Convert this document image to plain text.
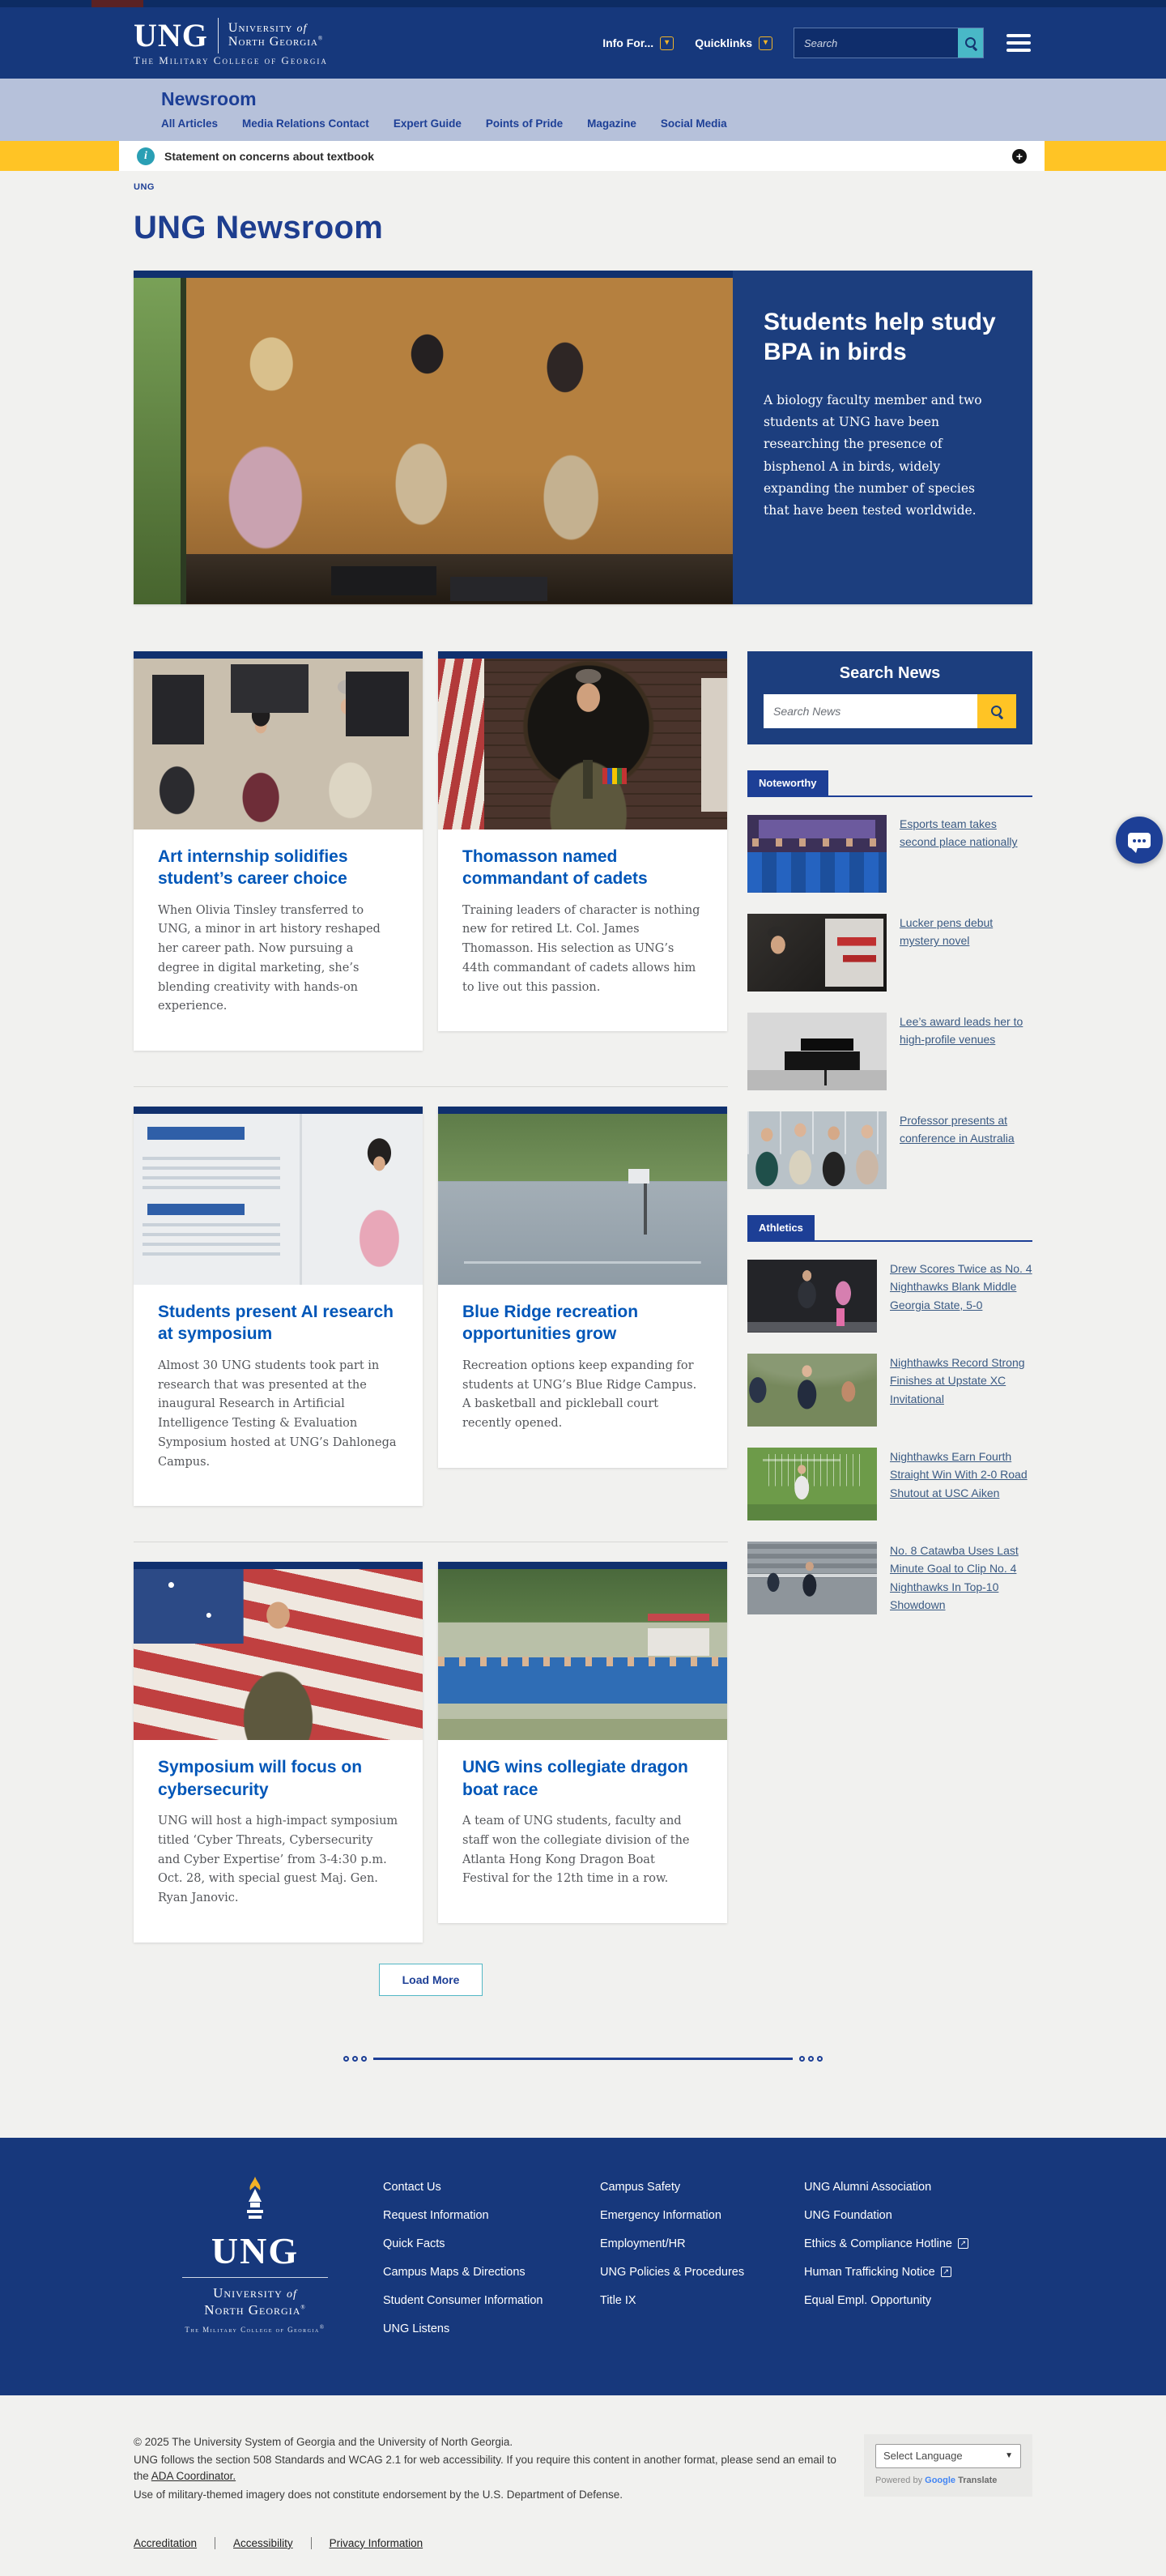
UNG University of
North Georgia®
The Military College of Georgia
Info For... ▾ Quicklinks ▾
Search
Newsroom
All Articles Media Relations Contact Expert Guide Points of Pride Magazine Social Media
i Statement on concerns about textbook	+
UNG
UNG Newsroom
Students help study BPA in birds

A biology faculty member and two students at UNG have been researching the presence of bisphenol A in birds, widely expanding the number of species that have been tested worldwide.

Art internship solidifies student’s career choice

When Olivia Tinsley transferred to UNG, a minor in art history reshaped her career path. Now pursuing a degree in digital marketing, she’s blending creativity with hands-on experience.

Thomasson named commandant of cadets

Training leaders of character is nothing new for retired Lt. Col. James Thomasson. His selection as UNG’s 44th commandant of cadets allows him to live out this passion.

Students present AI research at symposium

Almost 30 UNG students took part in research that was presented at the inaugural Research in Artificial Intelligence Testing & Evaluation Symposium hosted at UNG’s Dahlonega Campus.

Blue Ridge recreation opportunities grow

Recreation options keep expanding for students at UNG’s Blue Ridge Campus. A basketball and pickleball court recently opened.

Symposium will focus on cybersecurity

UNG will host a high-impact symposium titled ‘Cyber Threats, Cybersecurity and Cyber Expertise’ from 3-4:30 p.m. Oct. 28, with special guest Maj. Gen. Ryan Janovic.

UNG wins collegiate dragon boat race

A team of UNG students, faculty and staff won the collegiate division of the Atlanta Hong Kong Dragon Boat Festival for the 12th time in a row.

Load More
Search News
Search News
Noteworthy
Esports team takes second place nationally
Lucker pens debut mystery novel
Lee’s award leads her to high-profile venues
Professor presents at conference in Australia
Athletics
Drew Scores Twice as No. 4 Nighthawks Blank Middle Georgia State, 5-0
Nighthawks Record Strong Finishes at Upstate XC Invitational
Nighthawks Earn Fourth Straight Win With 2-0 Road Shutout at USC Aiken
No. 8 Catawba Uses Last Minute Goal to Clip No. 4 Nighthawks In Top-10 Showdown
UNG
University of
North Georgia®
The Military College of Georgia®
Contact Us
Request Information
Quick Facts
Campus Maps & Directions
Student Consumer Information
UNG Listens
Campus Safety
Emergency Information
Employment/HR
UNG Policies & Procedures
Title IX
UNG Alumni Association
UNG Foundation
Ethics & Compliance Hotline ↗
Human Trafficking Notice ↗
Equal Empl. Opportunity

© 2025 The University System of Georgia and the University of North Georgia.

UNG follows the section 508 Standards and WCAG 2.1 for web accessibility. If you require this content in another format, please send an email to the ADA Coordinator.

Use of military-themed imagery does not constitute endorsement by the U.S. Department of Defense.

Accreditation	Accessibility	Privacy Information
Select Language	▼
Powered by Google Translate
